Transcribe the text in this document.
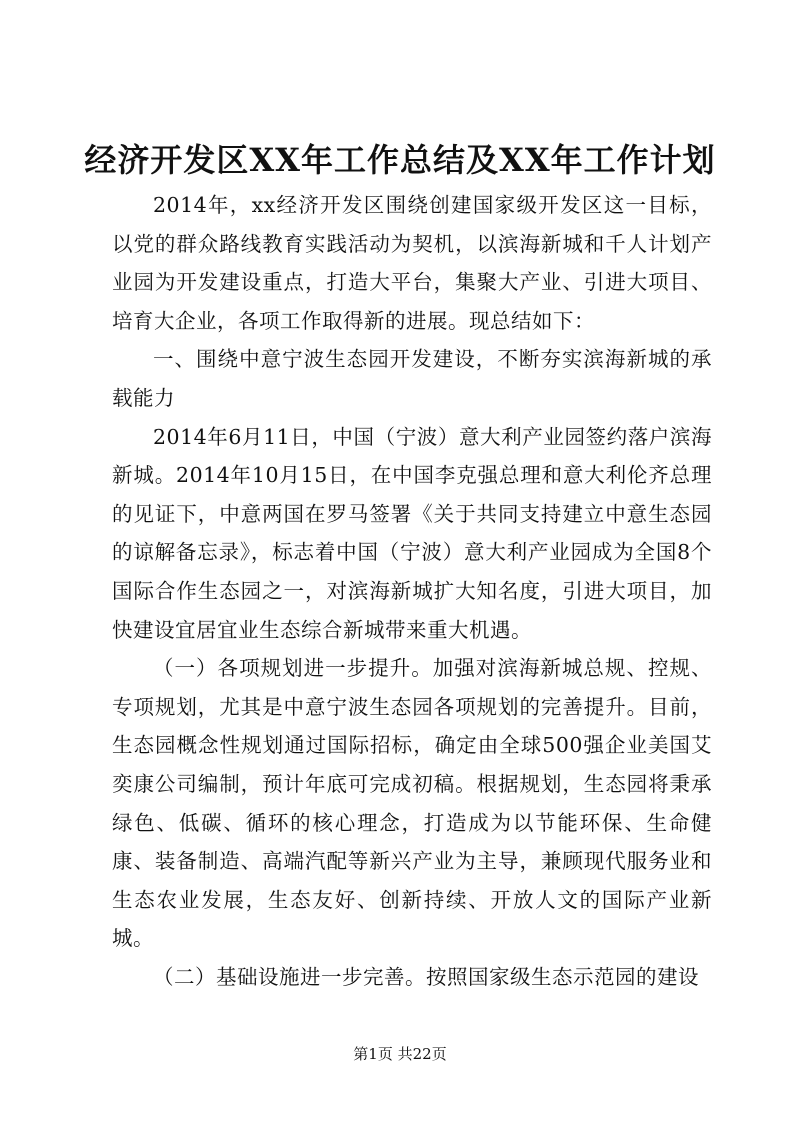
经济开发区XX年工作总结及XX年工作计划

2014年，xx经济开发区围绕创建国家级开发区这一目标，以党的群众路线教育实践活动为契机，以滨海新城和千人计划产业园为开发建设重点，打造大平台，集聚大产业、引进大项目、培育大企业，各项工作取得新的进展。现总结如下：

一、围绕中意宁波生态园开发建设，不断夯实滨海新城的承载能力

2014年6月11日，中国（宁波）意大利产业园签约落户滨海新城。2014年10月15日，在中国李克强总理和意大利伦齐总理的见证下，中意两国在罗马签署《关于共同支持建立中意生态园的谅解备忘录》，标志着中国（宁波）意大利产业园成为全国8个国际合作生态园之一，对滨海新城扩大知名度，引进大项目，加快建设宜居宜业生态综合新城带来重大机遇。

（一）各项规划进一步提升。加强对滨海新城总规、控规、专项规划，尤其是中意宁波生态园各项规划的完善提升。目前，生态园概念性规划通过国际招标，确定由全球500强企业美国艾奕康公司编制，预计年底可完成初稿。根据规划，生态园将秉承绿色、低碳、循环的核心理念，打造成为以节能环保、生命健康、装备制造、高端汽配等新兴产业为主导，兼顾现代服务业和生态农业发展，生态友好、创新持续、开放人文的国际产业新城。

（二）基础设施进一步完善。按照国家级生态示范园的建设

第1页 共22页
